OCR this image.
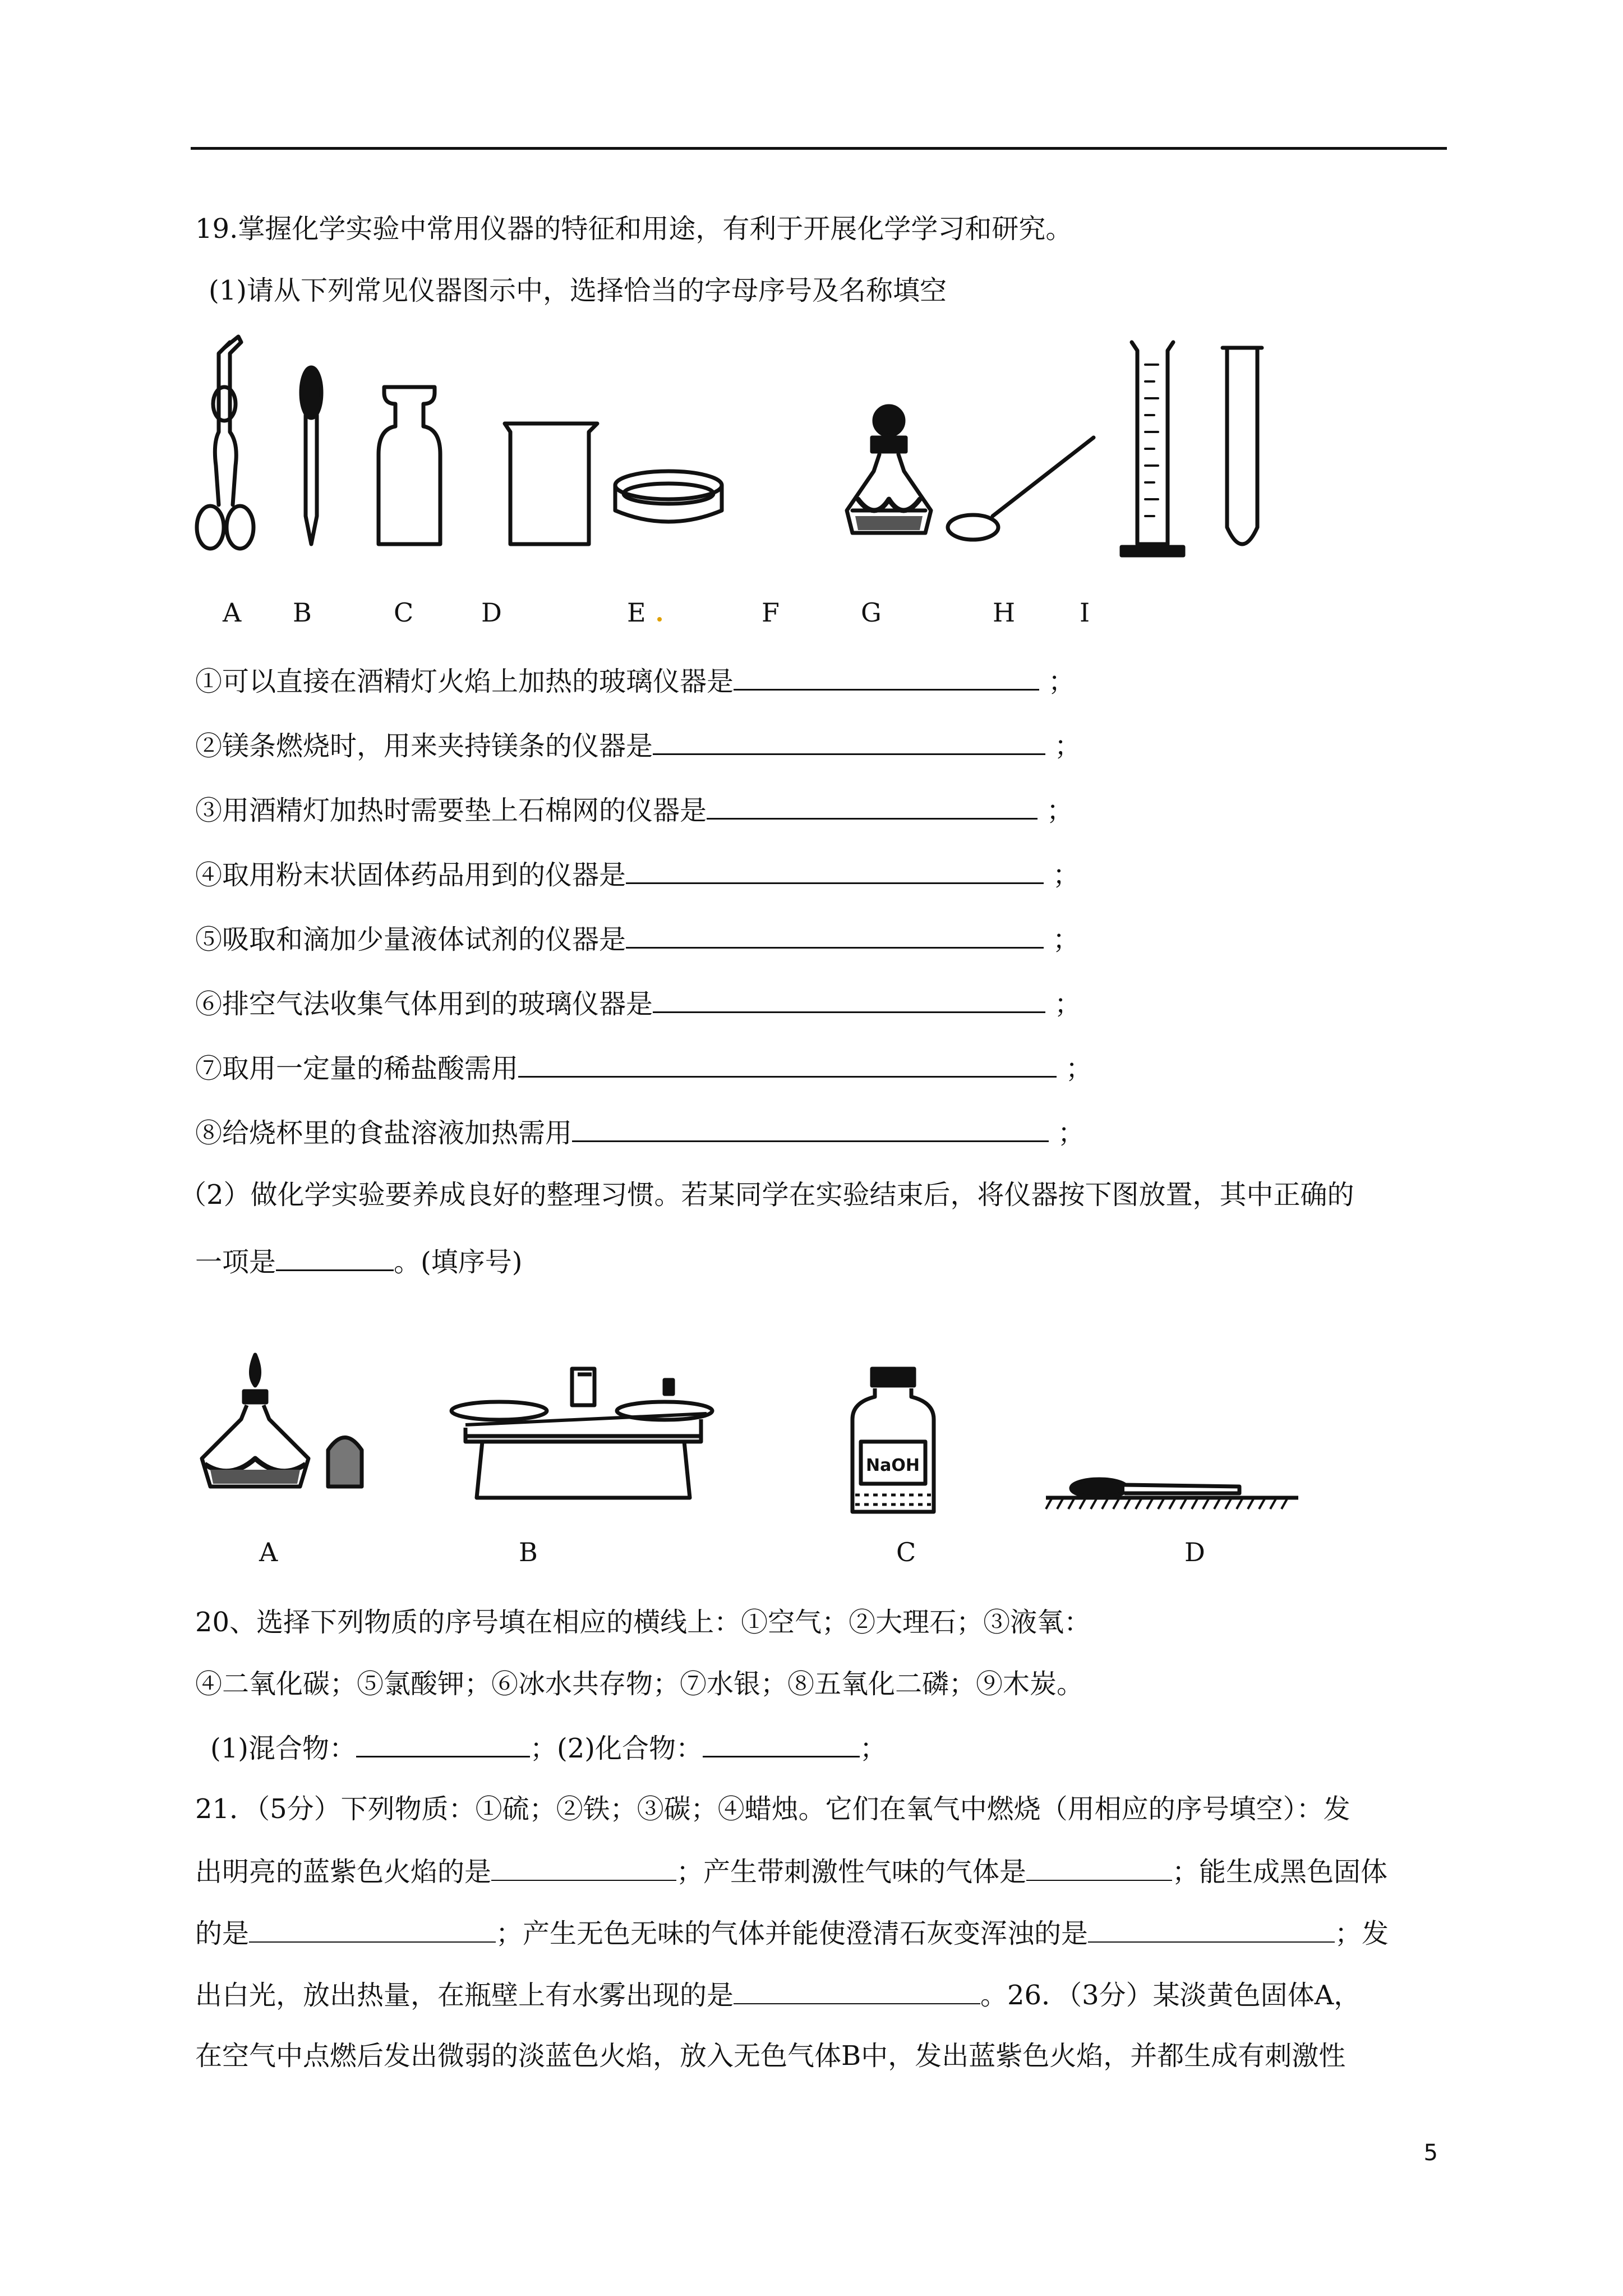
19.掌握化学实验中常用仪器的特征和用途，有利于开展化学学习和研究。
(1)请从下列常见仪器图示中，选择恰当的字母序号及名称填空
A B	C	D	E	F	G	H I
①可以直接在酒精灯火焰上加热的玻璃仪器是	；
②镁条燃烧时，用来夹持镁条的仪器是	；
③用酒精灯加热时需要垫上石棉网的仪器是	；
④取用粉末状固体药品用到的仪器是	；
⑤吸取和滴加少量液体试剂的仪器是	；
⑥排空气法收集气体用到的玻璃仪器是	；
⑦取用一定量的稀盐酸需用	；
⑧给烧杯里的食盐溶液加热需用	；
（2）做化学实验要养成良好的整理习惯。若某同学在实验结束后，将仪器按下图放置，其中正确的
一项是	。(填序号)
NaOH
A	B	C	D
20、选择下列物质的序号填在相应的横线上：①空气；②大理石；③液氧：
④二氧化碳；⑤氯酸钾；⑥冰水共存物；⑦水银；⑧五氧化二磷；⑨木炭。
(1)混合物：	；(2)化合物：	；
21．（5分）下列物质：①硫；②铁；③碳；④蜡烛。它们在氧气中燃烧（用相应的序号填空）：发
出明亮的蓝紫色火焰的是	；产生带刺激性气味的气体是	；能生成黑色固体
的是	；产生无色无味的气体并能使澄清石灰变浑浊的是	；发
出白光，放出热量，在瓶壁上有水雾出现的是	。26．（3分）某淡黄色固体A，
在空气中点燃后发出微弱的淡蓝色火焰，放入无色气体B中，发出蓝紫色火焰，并都生成有刺激性
5
